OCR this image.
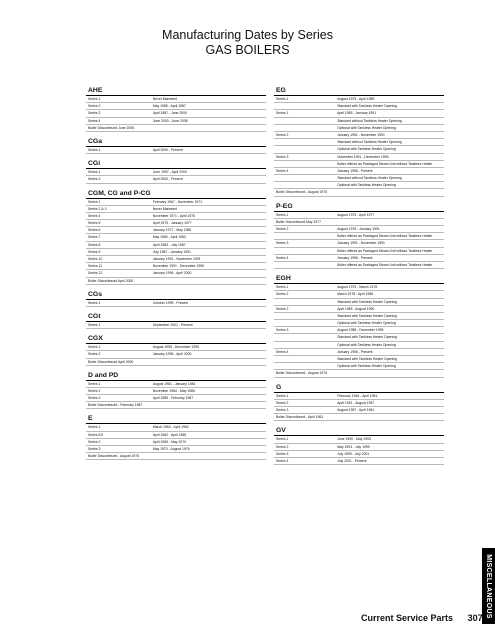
Manufacturing Dates by Series
GAS BOILERS
AHE
Series 1	Never Marketed
Series 2	May 1985 - April 1987
Series 3	April 1987 - June 2000
Series 4	June 2000 - June 2005
Boiler Discontinued June 2005
CGa
Series 1	April 2000 - Present
CGi
Series 1	June 1997 - April 2000
Series 2	April 2000 - Present
CGM, CG and P-CG
Series 1	February 1967 - November 1971
Series 2 & 3	Never Marketed
Series 4	November 1971 - April 1975
Series 5	April 1975 - January 1977
Series 6	January 1977 - May 1980
Series 7	May 1980 - April 1983
Series 8	April 1983 - July 1987
Series 9	July 1987 - January 1991
Series 10	January 1991 - November 1991
Series 11	November 1991 - December 1995
Series 12	January 1996 - April 2000
Boiler Discontinued April 2000
CGs
Series 1	October 1999 - Present
CGt
Series 1	September 2001 - Present
CGX
Series 1	August 1995 - December 1995
Series 2	January 1996 - April 2000
Boiler Discontinued April 2000
D and PD
Series 1	August 1981 - January 1984
Series 2	November 1984 - May 1985
Series 3	April 1985 - February 1987
Boiler Discontinued - February 1987
E
Series 1	March 1960 - April 1962
Series E5	April 1962 - April 1965
Series 2	April 1965 - May 1970
Series 3	May 1970 - August 1975
Boiler Discontinued - August 1975
EG
Series 1	August 1975 - April 1985
Standard with Tankless Heater Opening
Series 1	April 1985 - January 1991
Standard without Tankless Heater Opening
Optional with Tankless Heater Opening
Series 2	January 1991 - November 1991
Standard without Tankless Heater Opening
Optional with Tankless Heater Opening
Series 3	November 1991 - December 1995
Boiler offered as Packaged Steam Unit without Tankless Heater
Series 4	January 1996 - Present
Standard without Tankless Heater Opening
Optional with Tankless Heater Opening
Boiler Discontinued - August 1975
P-EG
Series 1	August 1975 - April 1977
Boiler Discontinued May 1977
Series 2	August 1978 - January 1991
Boiler offered as Packaged Steam Unit without Tankless Heater
Series 3	January 1991 - November 1991
Boiler offered as Packaged Steam Unit without Tankless Heater
Series 4	January 1996 - Present
Boiler offered as Packaged Steam Unit without Tankless Heater
EGH
Series 1	August 1975 - March 1978
Series 2	March 1978 - April 1985
Standard with Tankless Heater Opening
Series 2	April 1985 - August 1990
Standard with Tankless Heater Opening
Optional with Tankless Heater Opening
Series 3	August 1985 - December 1995
Standard with Tankless Heater Opening
Optional with Tankless Heater Opening
Series 4	January 1996 - Present
Standard with Tankless Heater Opening
Optional with Tankless Heater Opening
Boiler Discontinued - August 1975
G
Series 1	February 1946 - April 1951
Series 2	April 1951 - August 1957
Series 3	August 1957 - April 1961
Boiler Discontinued - April 1961
GV
Series 1	June 1990 - May 1993
Series 2	May 1993 - July 1999
Series 3	July 1999 - July 2001
Series 4	July 2001 - Present
MISCELLANEOUS
Current Service Parts 307
